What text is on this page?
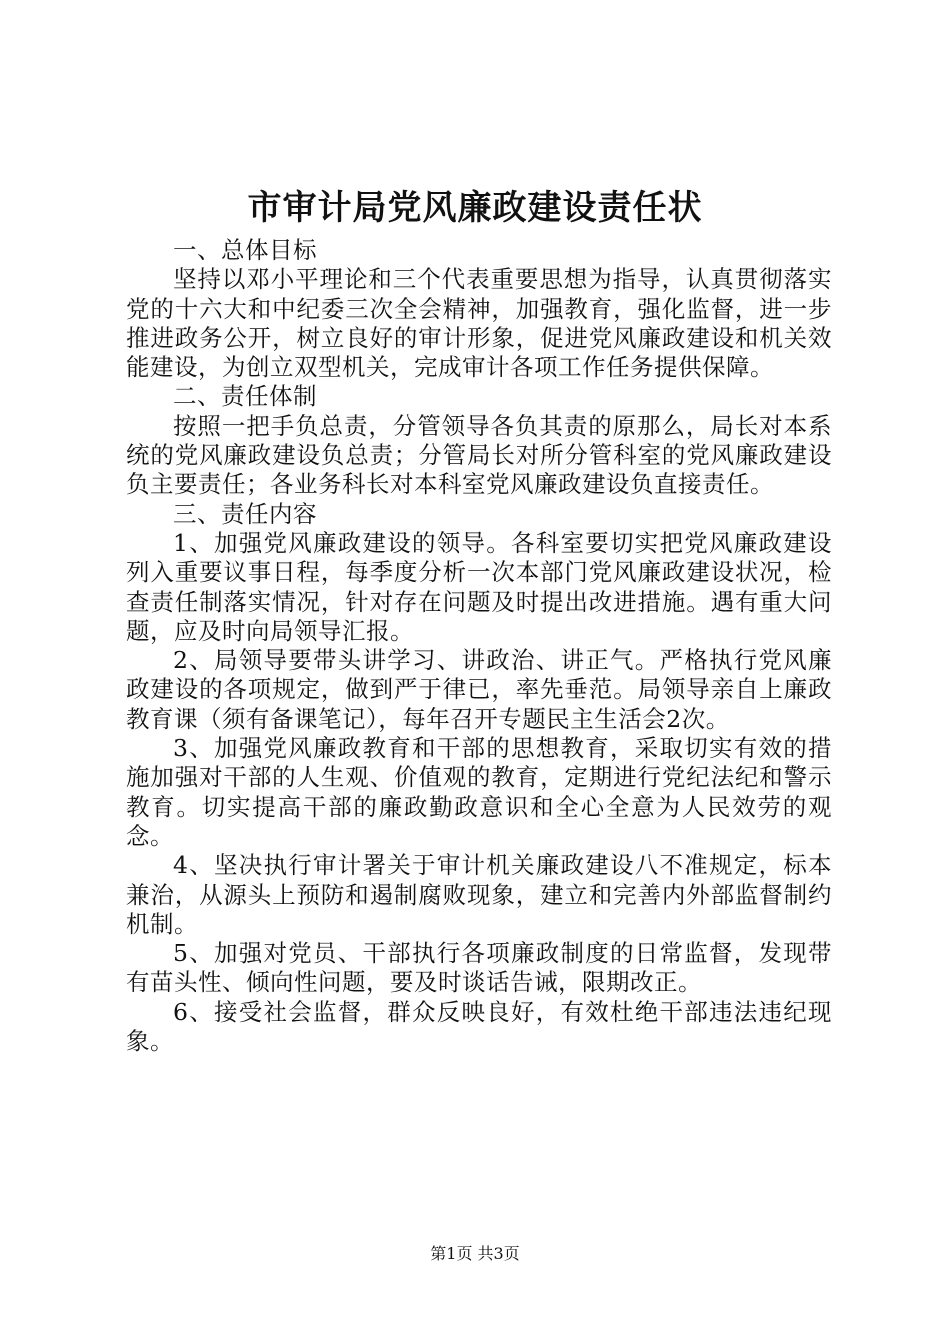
市审计局党风廉政建设责任状

一、总体目标

坚持以邓小平理论和三个代表重要思想为指导，认真贯彻落实党的十六大和中纪委三次全会精神，加强教育，强化监督，进一步推进政务公开，树立良好的审计形象，促进党风廉政建设和机关效能建设，为创立双型机关，完成审计各项工作任务提供保障。

二、责任体制

按照一把手负总责，分管领导各负其责的原那么，局长对本系统的党风廉政建设负总责；分管局长对所分管科室的党风廉政建设负主要责任；各业务科长对本科室党风廉政建设负直接责任。

三、责任内容

1、加强党风廉政建设的领导。各科室要切实把党风廉政建设列入重要议事日程，每季度分析一次本部门党风廉政建设状况，检查责任制落实情况，针对存在问题及时提出改进措施。遇有重大问题，应及时向局领导汇报。

2、局领导要带头讲学习、讲政治、讲正气。严格执行党风廉政建设的各项规定，做到严于律已，率先垂范。局领导亲自上廉政教育课（须有备课笔记），每年召开专题民主生活会2次。

3、加强党风廉政教育和干部的思想教育，采取切实有效的措施加强对干部的人生观、价值观的教育，定期进行党纪法纪和警示教育。切实提高干部的廉政勤政意识和全心全意为人民效劳的观念。

4、坚决执行审计署关于审计机关廉政建设八不准规定，标本兼治，从源头上预防和遏制腐败现象，建立和完善内外部监督制约机制。

5、加强对党员、干部执行各项廉政制度的日常监督，发现带有苗头性、倾向性问题，要及时谈话告诫，限期改正。

6、接受社会监督，群众反映良好，有效杜绝干部违法违纪现象。

第1页 共3页
